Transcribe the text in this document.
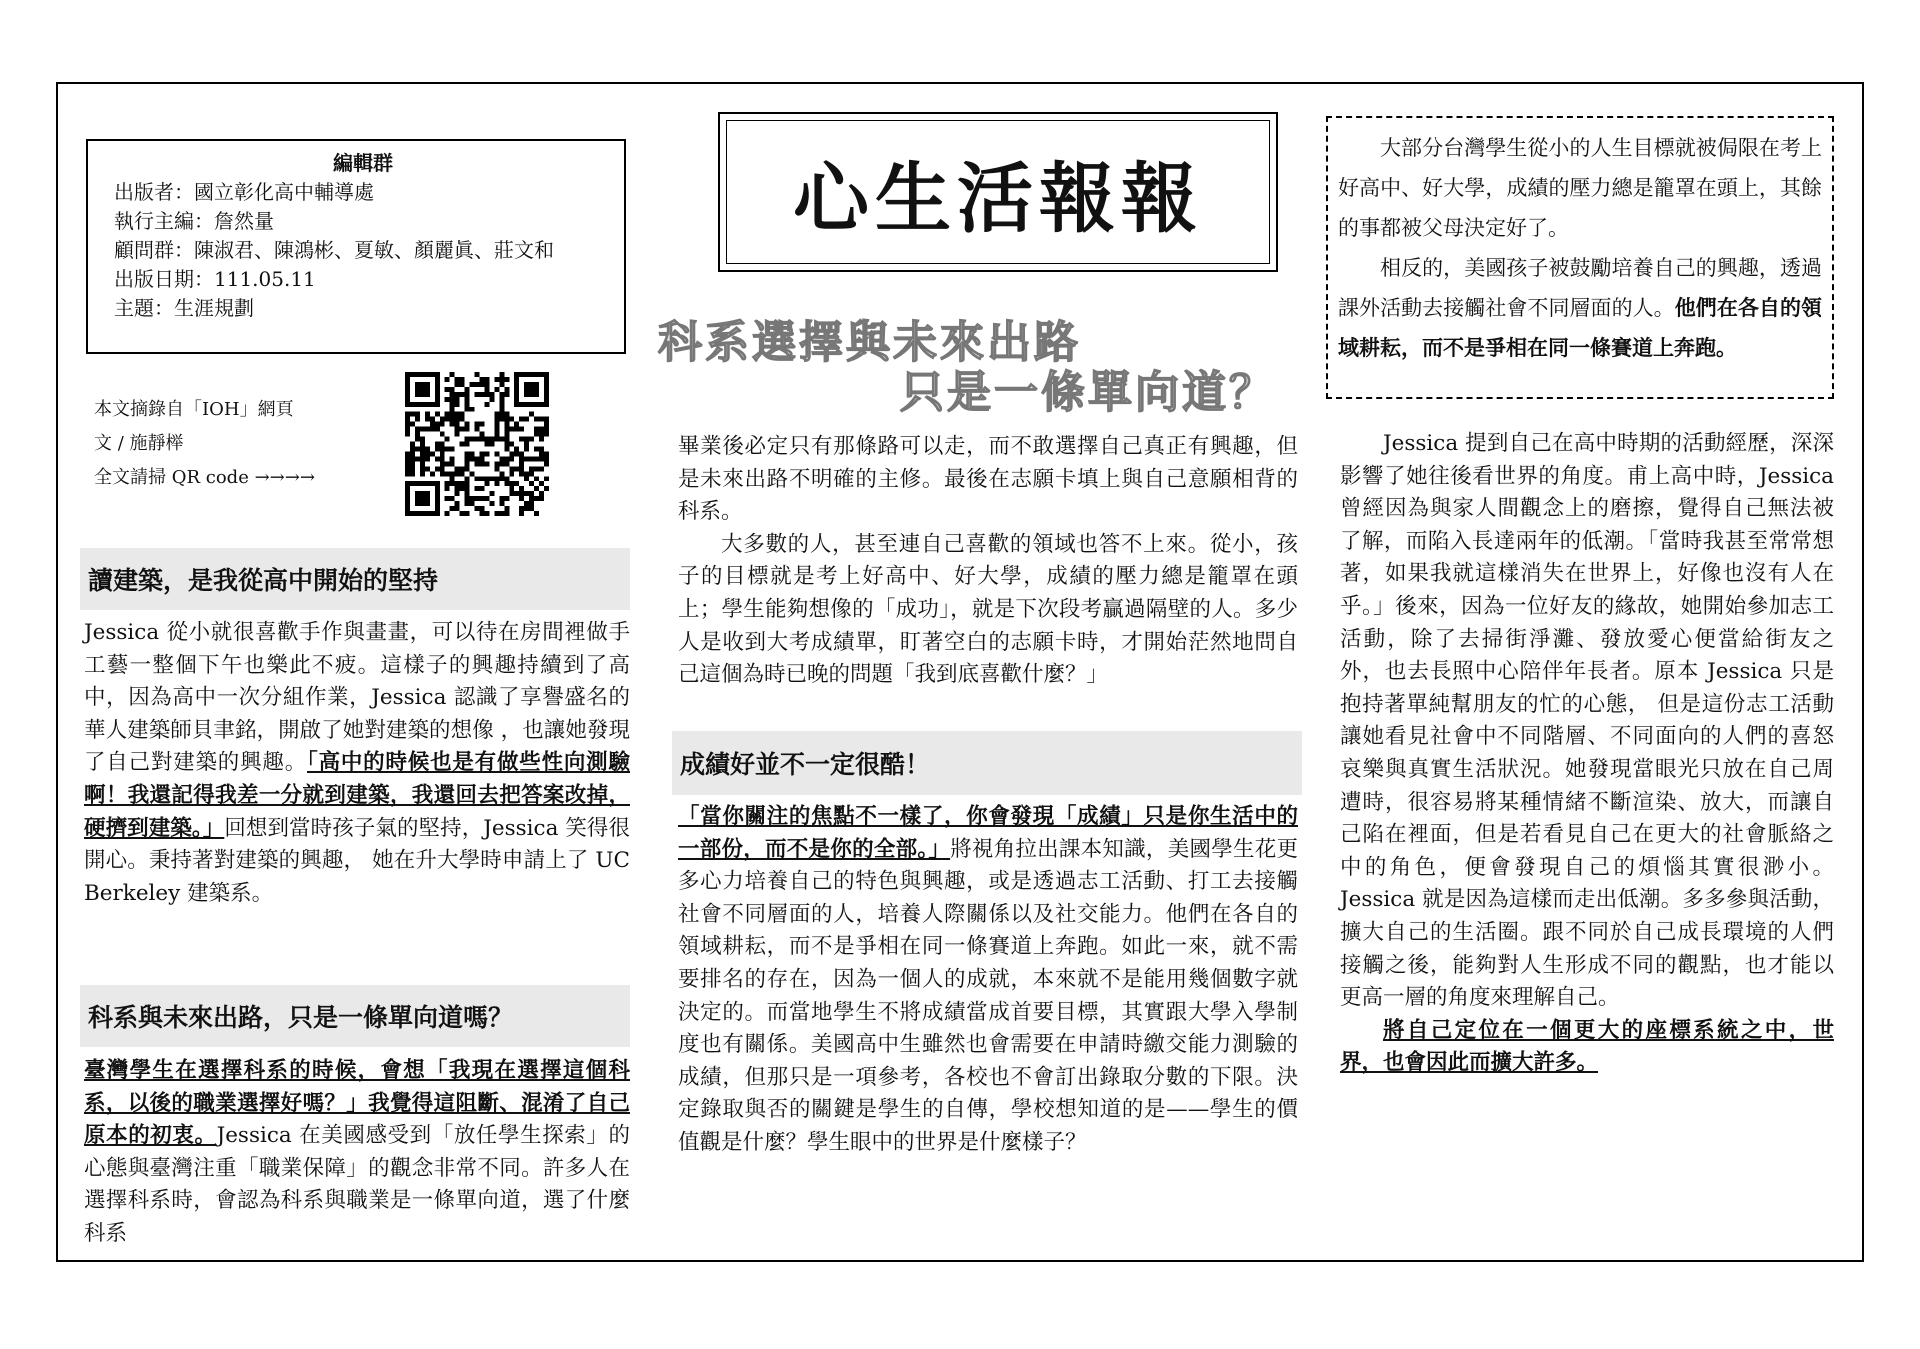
編輯群
出版者：國立彰化高中輔導處
執行主編：詹然量
顧問群：陳淑君、陳鴻彬、夏敏、顏麗眞、莊文和
出版日期：111.05.11
主題：生涯規劃
本文摘錄自「IOH」網頁
文 / 施靜榉
全文請掃 QR code →→→→
讀建築，是我從高中開始的堅持
Jessica 從小就很喜歡手作與畫畫，可以待在房間裡做手工藝一整個下午也樂此不疲。這樣子的興趣持續到了高中，因為高中一次分組作業，Jessica 認識了享譽盛名的華人建築師貝聿銘，開啟了她對建築的想像 ，也讓她發現了自己對建築的興趣。「高中的時候也是有做些性向測驗啊！我還記得我差一分就到建築，我還回去把答案改掉，硬擠到建築。」回想到當時孩子氣的堅持，Jessica 笑得很開心。秉持著對建築的興趣， 她在升大學時申請上了 UC Berkeley 建築系。
科系與未來出路，只是一條單向道嗎？
臺灣學生在選擇科系的時候，會想「我現在選擇這個科系，以後的職業選擇好嗎？」我覺得這阻斷、混淆了自己原本的初衷。Jessica 在美國感受到「放任學生探索」的心態與臺灣注重「職業保障」的觀念非常不同。許多人在選擇科系時，會認為科系與職業是一條單向道，選了什麼科系
心生活報報
科系選擇與未來出路
只是一條單向道？

畢業後必定只有那條路可以走，而不敢選擇自己真正有興趣，但是未來出路不明確的主修。最後在志願卡填上與自己意願相背的科系。

大多數的人，甚至連自己喜歡的領域也答不上來。從小，孩子的目標就是考上好高中、好大學，成績的壓力總是籠罩在頭上；學生能夠想像的「成功」，就是下次段考贏過隔壁的人。多少人是收到大考成績單，盯著空白的志願卡時，才開始茫然地問自己這個為時已晚的問題「我到底喜歡什麼？」

成績好並不一定很酷！
「當你關注的焦點不一樣了，你會發現「成績」只是你生活中的一部份，而不是你的全部。」將視角拉出課本知識，美國學生花更多心力培養自己的特色與興趣，或是透過志工活動、打工去接觸社會不同層面的人，培養人際關係以及社交能力。他們在各自的領域耕耘，而不是爭相在同一條賽道上奔跑。如此一來，就不需要排名的存在，因為一個人的成就，本來就不是能用幾個數字就決定的。而當地學生不將成績當成首要目標，其實跟大學入學制度也有關係。美國高中生雖然也會需要在申請時繳交能力測驗的成績，但那只是一項參考，各校也不會訂出錄取分數的下限。決定錄取與否的關鍵是學生的自傳，學校想知道的是——學生的價值觀是什麼？學生眼中的世界是什麼樣子？

大部分台灣學生從小的人生目標就被侷限在考上好高中、好大學，成績的壓力總是籠罩在頭上，其餘的事都被父母決定好了。

相反的，美國孩子被鼓勵培養自己的興趣，透過課外活動去接觸社會不同層面的人。他們在各自的領域耕耘，而不是爭相在同一條賽道上奔跑。

Jessica 提到自己在高中時期的活動經歷，深深影響了她往後看世界的角度。甫上高中時，Jessica 曾經因為與家人間觀念上的磨擦，覺得自己無法被了解，而陷入長達兩年的低潮。「當時我甚至常常想著，如果我就這樣消失在世界上，好像也沒有人在乎。」後來，因為一位好友的緣故，她開始參加志工活動，除了去掃街淨灘、發放愛心便當給街友之外，也去長照中心陪伴年長者。原本 Jessica 只是抱持著單純幫朋友的忙的心態， 但是這份志工活動讓她看見社會中不同階層、不同面向的人們的喜怒哀樂與真實生活狀況。她發現當眼光只放在自己周遭時，很容易將某種情緒不斷渲染、放大，而讓自己陷在裡面，但是若看見自己在更大的社會脈絡之中的角色，便會發現自己的煩惱其實很渺小。Jessica 就是因為這樣而走出低潮。多多參與活動，擴大自己的生活圈。跟不同於自己成長環境的人們接觸之後，能夠對人生形成不同的觀點，也才能以更高一層的角度來理解自己。

將自己定位在一個更大的座標系統之中，世界，也會因此而擴大許多。
